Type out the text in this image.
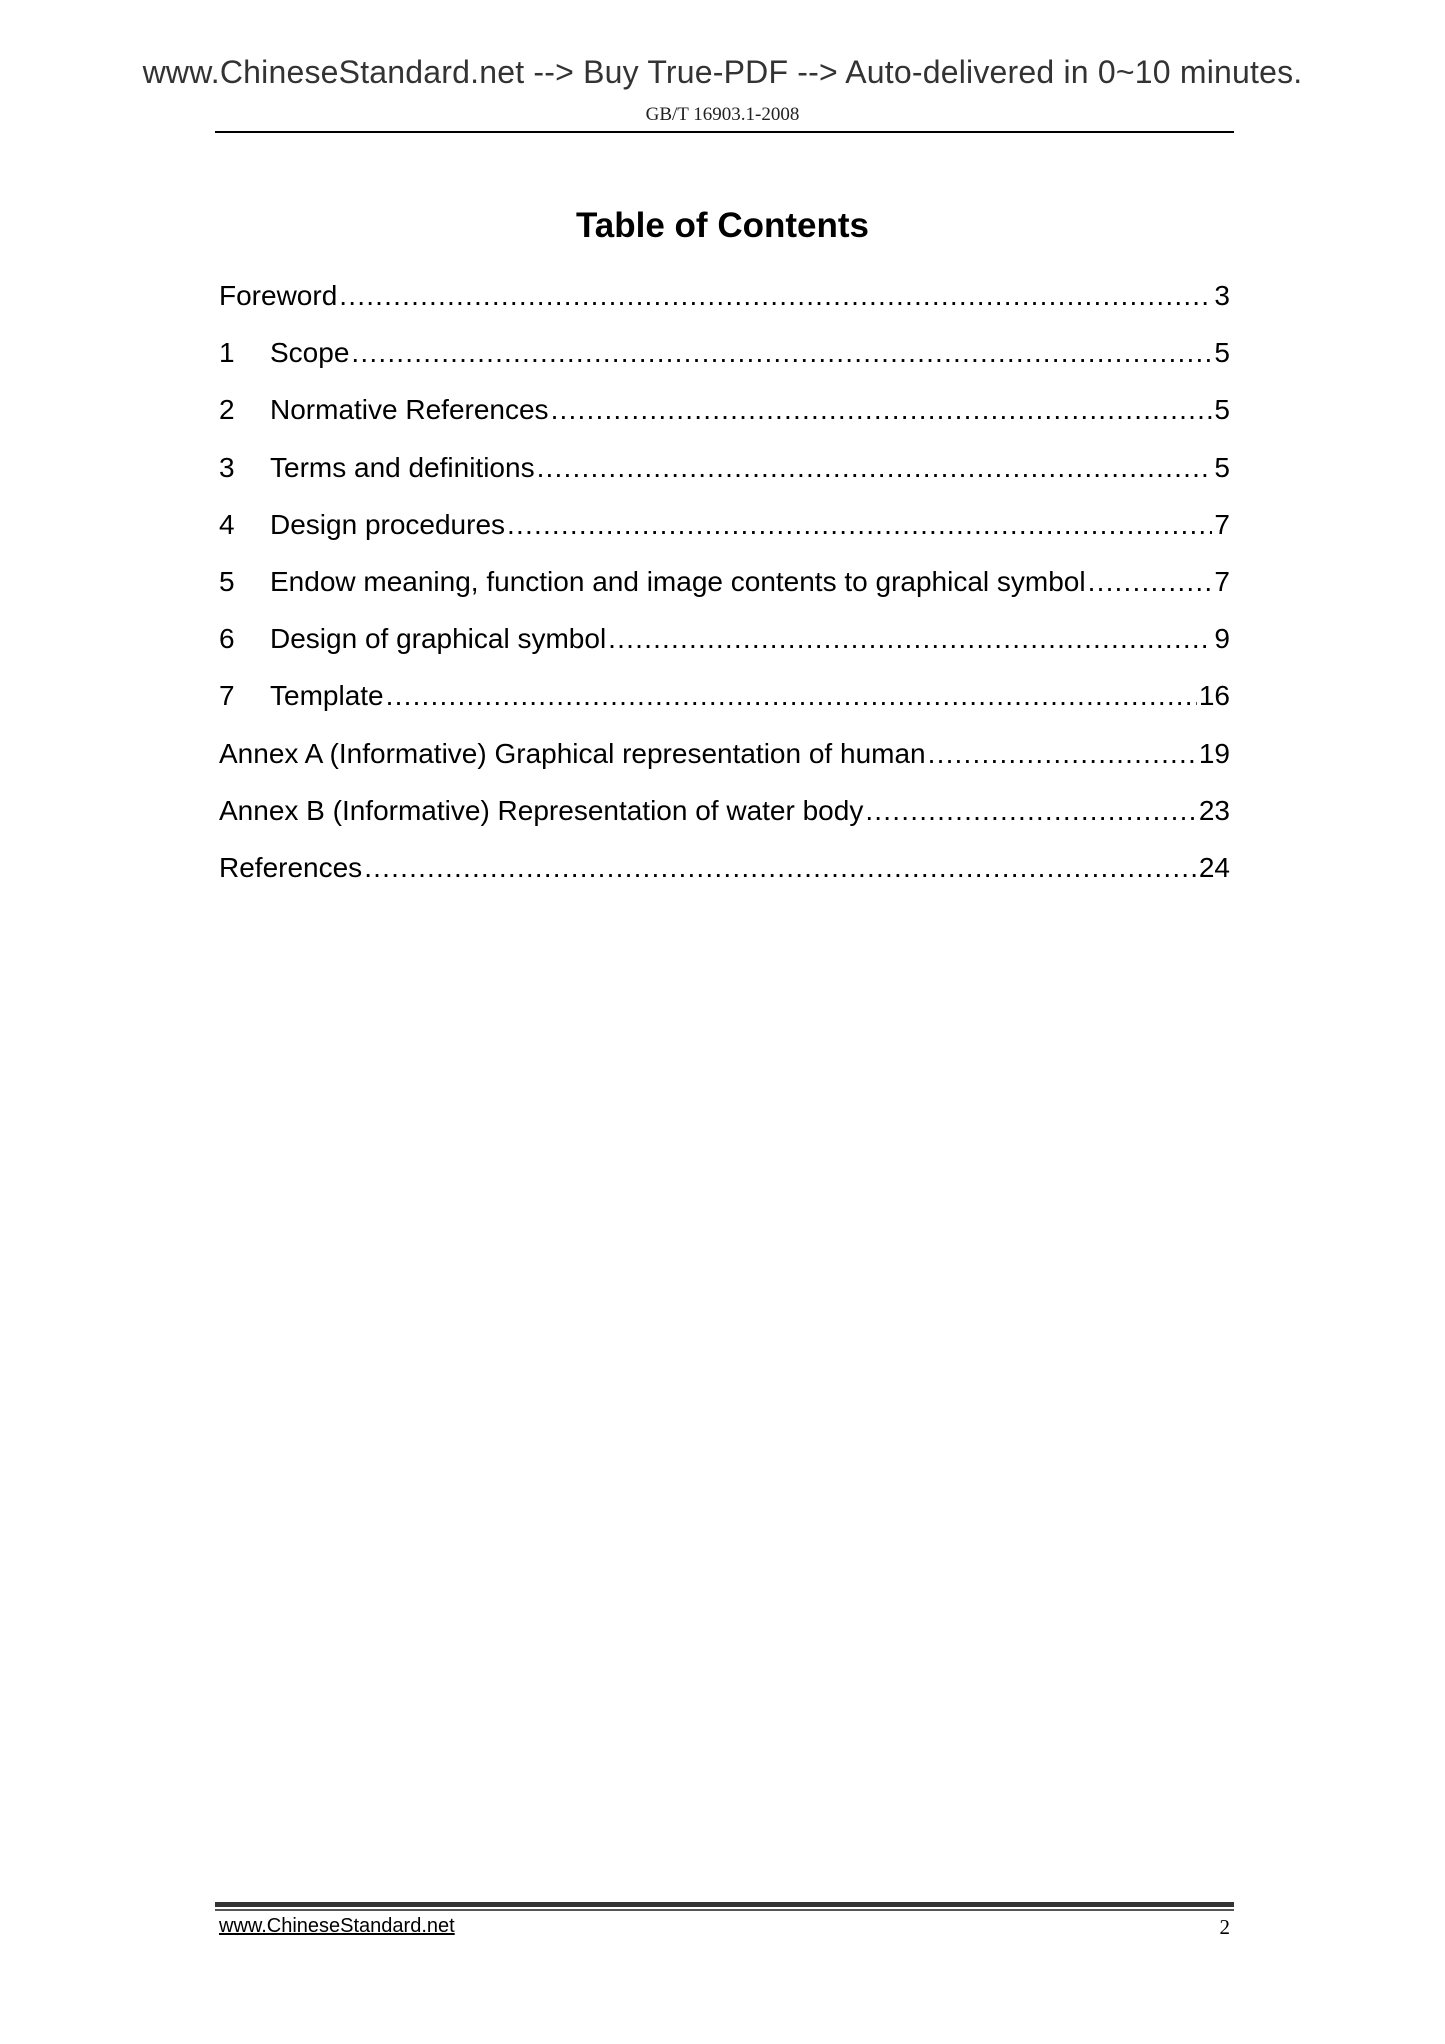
www.ChineseStandard.net --> Buy True-PDF --> Auto-delivered in 0~10 minutes.
GB/T 16903.1-2008
Table of Contents
Foreword .....	3
1	Scope .....	5
2	Normative References .....	5
3	Terms and definitions .....	5
4	Design procedures .....	7
5	Endow meaning, function and image contents to graphical symbol .....	7
6	Design of graphical symbol .....	9
7	Template .....	16
Annex A (Informative) Graphical representation of human .....	19
Annex B (Informative) Representation of water body .....	23
References .....	24
www.ChineseStandard.net	2
